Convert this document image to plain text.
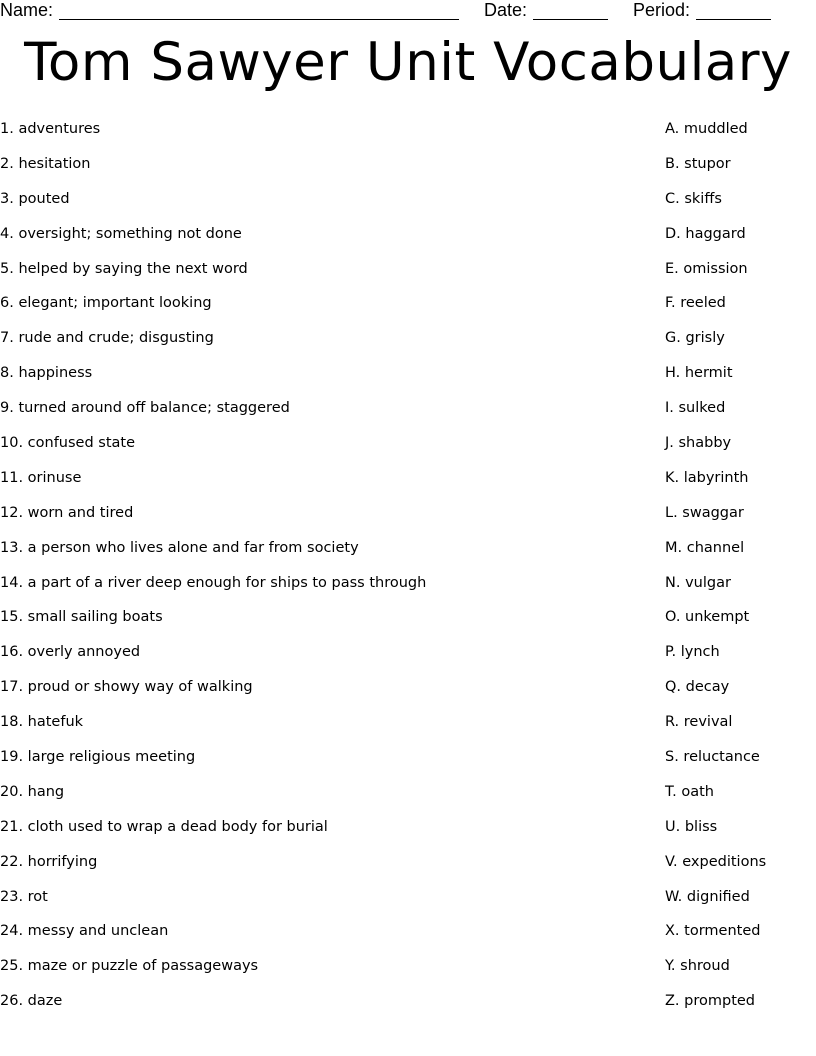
Name:	Date:	Period:
Tom Sawyer Unit Vocabulary
1. adventures
2. hesitation
3. pouted
4. oversight; something not done
5. helped by saying the next word
6. elegant; important looking
7. rude and crude; disgusting
8. happiness
9. turned around off balance; staggered
10. confused state
11. orinuse
12. worn and tired
13. a person who lives alone and far from society
14. a part of a river deep enough for ships to pass through
15. small sailing boats
16. overly annoyed
17. proud or showy way of walking
18. hatefuk
19. large religious meeting
20. hang
21. cloth used to wrap a dead body for burial
22. horrifying
23. rot
24. messy and unclean
25. maze or puzzle of passageways
26. daze
A. muddled
B. stupor
C. skiffs
D. haggard
E. omission
F. reeled
G. grisly
H. hermit
I. sulked
J. shabby
K. labyrinth
L. swaggar
M. channel
N. vulgar
O. unkempt
P. lynch
Q. decay
R. revival
S. reluctance
T. oath
U. bliss
V. expeditions
W. dignified
X. tormented
Y. shroud
Z. prompted
